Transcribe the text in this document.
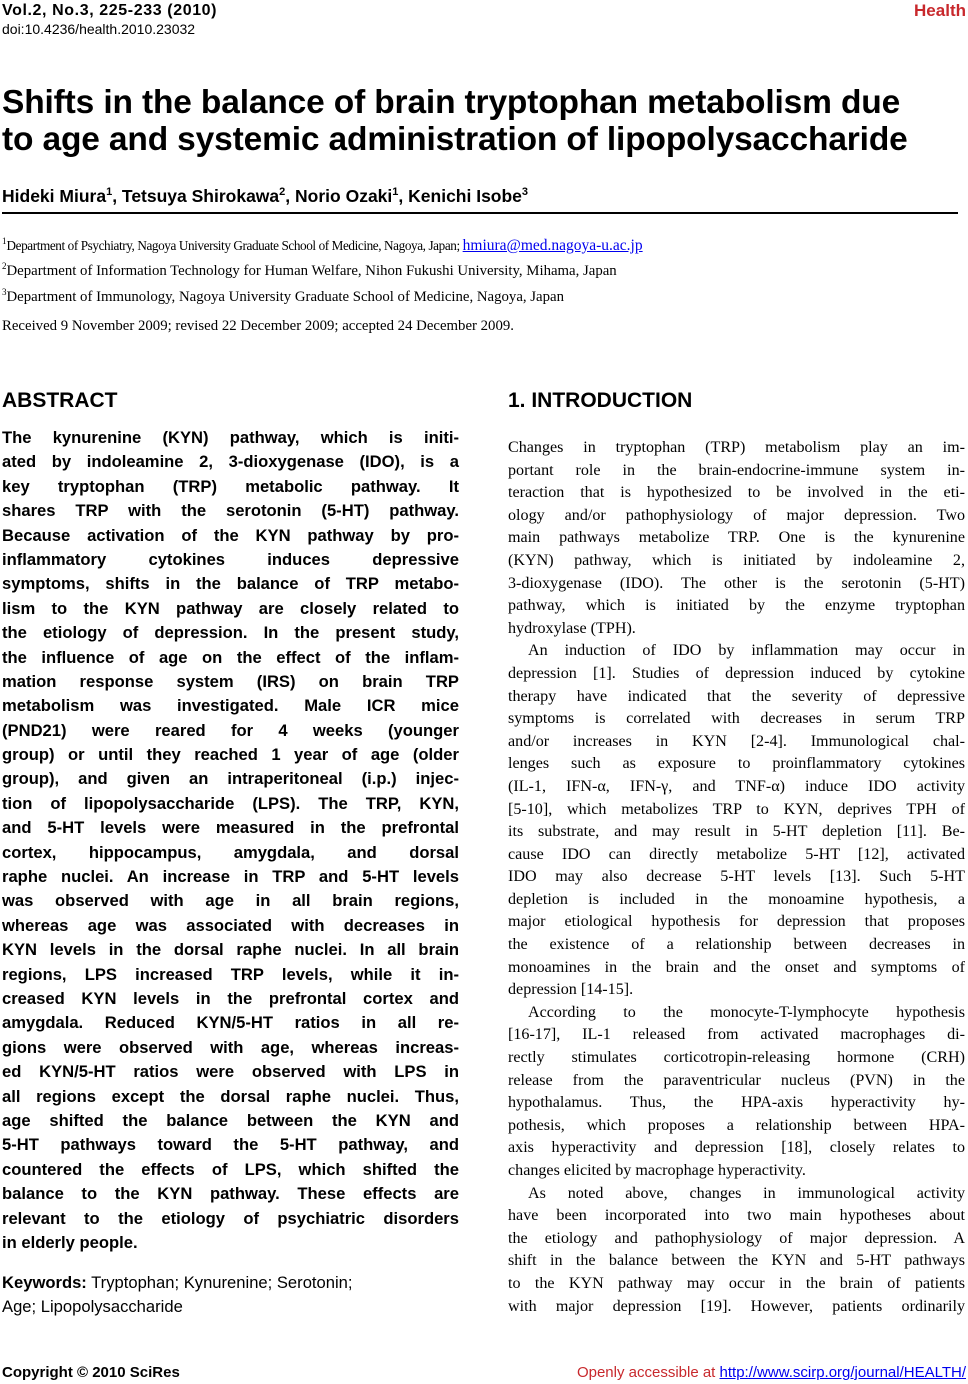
Vol.2, No.3, 225-233 (2010)
doi:10.4236/health.2010.23032
Health
Shifts in the balance of brain tryptophan metabolism due
to age and systemic administration of lipopolysaccharide
Hideki Miura$^1$, Tetsuya Shirokawa$^2$, Norio Ozaki$^1$, Kenichi Isobe$^3$
$^1$Department of Psychiatry, Nagoya University Graduate School of Medicine, Nagoya, Japan; hmiura@med.nagoya-u.ac.jp
$^2$Department of Information Technology for Human Welfare, Nihon Fukushi University, Mihama, Japan
$^3$Department of Immunology, Nagoya University Graduate School of Medicine, Nagoya, Japan
Received 9 November 2009; revised 22 December 2009; accepted 24 December 2009.
ABSTRACT
The kynurenine (KYN) pathway, which is initi-
ated by indoleamine 2, 3-dioxygenase (IDO), is a
key tryptophan (TRP) metabolic pathway. It
shares TRP with the serotonin (5-HT) pathway.
Because activation of the KYN pathway by pro-
inflammatory cytokines induces depressive
symptoms, shifts in the balance of TRP metabo-
lism to the KYN pathway are closely related to
the etiology of depression. In the present study,
the influence of age on the effect of the inflam-
mation response system (IRS) on brain TRP
metabolism was investigated. Male ICR mice
(PND21) were reared for 4 weeks (younger
group) or until they reached 1 year of age (older
group), and given an intraperitoneal (i.p.) injec-
tion of lipopolysaccharide (LPS). The TRP, KYN,
and 5-HT levels were measured in the prefrontal
cortex, hippocampus, amygdala, and dorsal
raphe nuclei. An increase in TRP and 5-HT levels
was observed with age in all brain regions,
whereas age was associated with decreases in
KYN levels in the dorsal raphe nuclei. In all brain
regions, LPS increased TRP levels, while it in-
creased KYN levels in the prefrontal cortex and
amygdala. Reduced KYN/5-HT ratios in all re-
gions were observed with age, whereas increas-
ed KYN/5-HT ratios were observed with LPS in
all regions except the dorsal raphe nuclei. Thus,
age shifted the balance between the KYN and
5-HT pathways toward the 5-HT pathway, and
countered the effects of LPS, which shifted the
balance to the KYN pathway. These effects are
relevant to the etiology of psychiatric disorders
in elderly people.
Keywords: Tryptophan; Kynurenine; Serotonin;
Age; Lipopolysaccharide
1. INTRODUCTION
Changes in tryptophan (TRP) metabolism play an im-
portant role in the brain-endocrine-immune system in-
teraction that is hypothesized to be involved in the eti-
ology and/or pathophysiology of major depression. Two
main pathways metabolize TRP. One is the kynurenine
(KYN) pathway, which is initiated by indoleamine 2,
3-dioxygenase (IDO). The other is the serotonin (5-HT)
pathway, which is initiated by the enzyme tryptophan
hydroxylase (TPH).
An induction of IDO by inflammation may occur in
depression [1]. Studies of depression induced by cytokine
therapy have indicated that the severity of depressive
symptoms is correlated with decreases in serum TRP
and/or increases in KYN [2-4]. Immunological chal-
lenges such as exposure to proinflammatory cytokines
(IL-1, IFN-α, IFN-γ, and TNF-α) induce IDO activity
[5-10], which metabolizes TRP to KYN, deprives TPH of
its substrate, and may result in 5-HT depletion [11]. Be-
cause IDO can directly metabolize 5-HT [12], activated
IDO may also decrease 5-HT levels [13]. Such 5-HT
depletion is included in the monoamine hypothesis, a
major etiological hypothesis for depression that proposes
the existence of a relationship between decreases in
monoamines in the brain and the onset and symptoms of
depression [14-15].
According to the monocyte-T-lymphocyte hypothesis
[16-17], IL-1 released from activated macrophages di-
rectly stimulates corticotropin-releasing hormone (CRH)
release from the paraventricular nucleus (PVN) in the
hypothalamus. Thus, the HPA-axis hyperactivity hy-
pothesis, which proposes a relationship between HPA-
axis hyperactivity and depression [18], closely relates to
changes elicited by macrophage hyperactivity.
As noted above, changes in immunological activity
have been incorporated into two main hypotheses about
the etiology and pathophysiology of major depression. A
shift in the balance between the KYN and 5-HT pathways
to the KYN pathway may occur in the brain of patients
with major depression [19]. However, patients ordinarily
Copyright © 2010 SciRes	Openly accessible at http://www.scirp.org/journal/HEALTH/
